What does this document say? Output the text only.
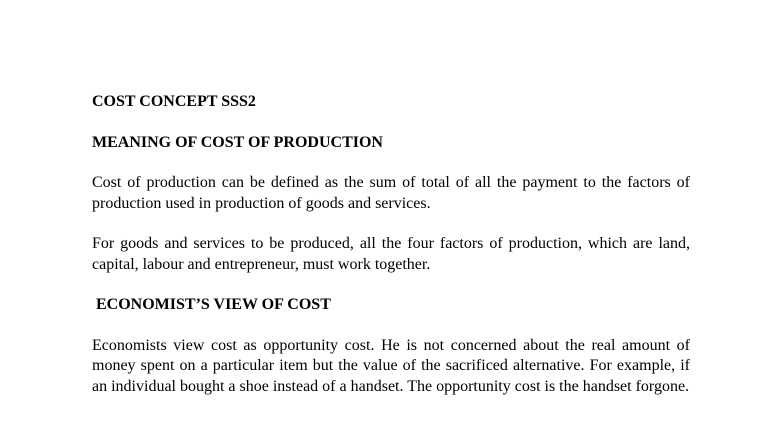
COST CONCEPT SSS2

MEANING OF COST OF PRODUCTION

Cost of production can be defined as the sum of total of all the payment to the factors of production used in production of goods and services.

For goods and services to be produced, all the four factors of production, which are land, capital, labour and entrepreneur, must work together.

ECONOMIST’S VIEW OF COST

Economists view cost as opportunity cost. He is not concerned about the real amount of money spent on a particular item but the value of the sacrificed alternative. For example, if an individual bought a shoe instead of a handset. The opportunity cost is the handset forgone.
